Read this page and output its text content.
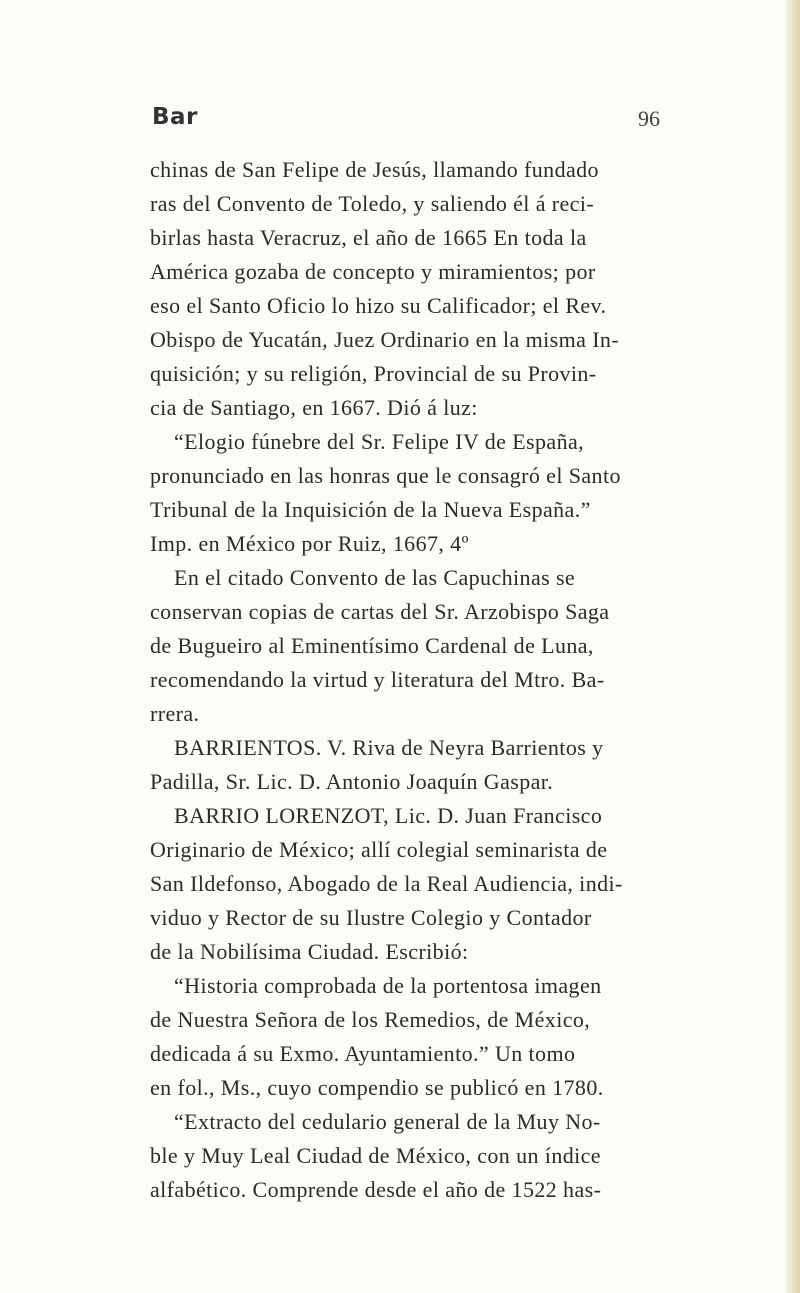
Bar	96
chinas de San Felipe de Jesús, llamando fundado
ras del Convento de Toledo, y saliendo él á reci-
birlas hasta Veracruz, el año de 1665 En toda la
América gozaba de concepto y miramientos; por
eso el Santo Oficio lo hizo su Calificador; el Rev.
Obispo de Yucatán, Juez Ordinario en la misma In-
quisición; y su religión, Provincial de su Provin-
cia de Santiago, en 1667. Dió á luz:
“Elogio fúnebre del Sr. Felipe IV de España,
pronunciado en las honras que le consagró el Santo
Tribunal de la Inquisición de la Nueva España.”
Imp. en México por Ruiz, 1667, 4º
En el citado Convento de las Capuchinas se
conservan copias de cartas del Sr. Arzobispo Saga
de Bugueiro al Eminentísimo Cardenal de Luna,
recomendando la virtud y literatura del Mtro. Ba-
rrera.
BARRIENTOS. V. Riva de Neyra Barrientos y
Padilla, Sr. Lic. D. Antonio Joaquín Gaspar.
BARRIO LORENZOT, Lic. D. Juan Francisco
Originario de México; allí colegial seminarista de
San Ildefonso, Abogado de la Real Audiencia, indi-
viduo y Rector de su Ilustre Colegio y Contador
de la Nobilísima Ciudad. Escribió:
“Historia comprobada de la portentosa imagen
de Nuestra Señora de los Remedios, de México,
dedicada á su Exmo. Ayuntamiento.” Un tomo
en fol., Ms., cuyo compendio se publicó en 1780.
“Extracto del cedulario general de la Muy No-
ble y Muy Leal Ciudad de México, con un índice
alfabético. Comprende desde el año de 1522 has-
